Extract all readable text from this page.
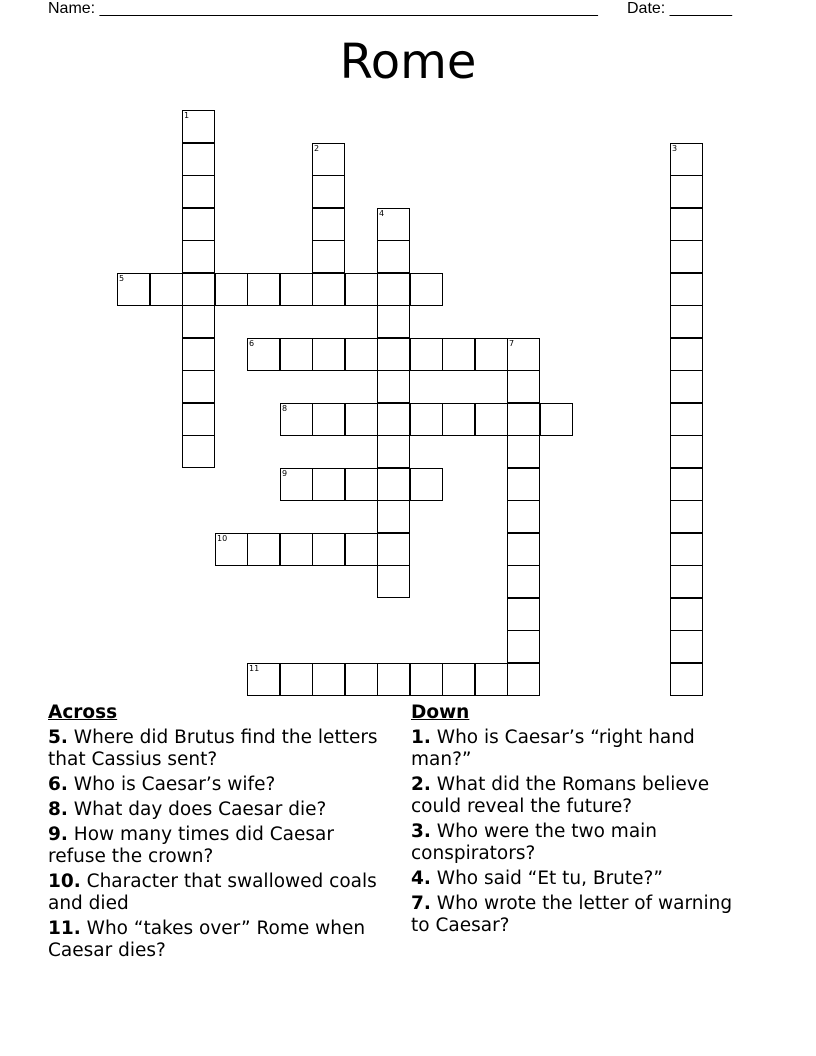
Name: ________________________________________________________ Date: _______
Rome
1
2	3
4
5
6	7
8
9
10
11
Across
5. Where did Brutus find the letters that Cassius sent?
6. Who is Caesar’s wife?
8. What day does Caesar die?
9. How many times did Caesar refuse the crown?
10. Character that swallowed coals and died
11. Who “takes over” Rome when Caesar dies?
Down
1. Who is Caesar’s “right hand man?”
2. What did the Romans believe could reveal the future?
3. Who were the two main conspirators?
4. Who said “Et tu, Brute?”
7. Who wrote the letter of warning to Caesar?
